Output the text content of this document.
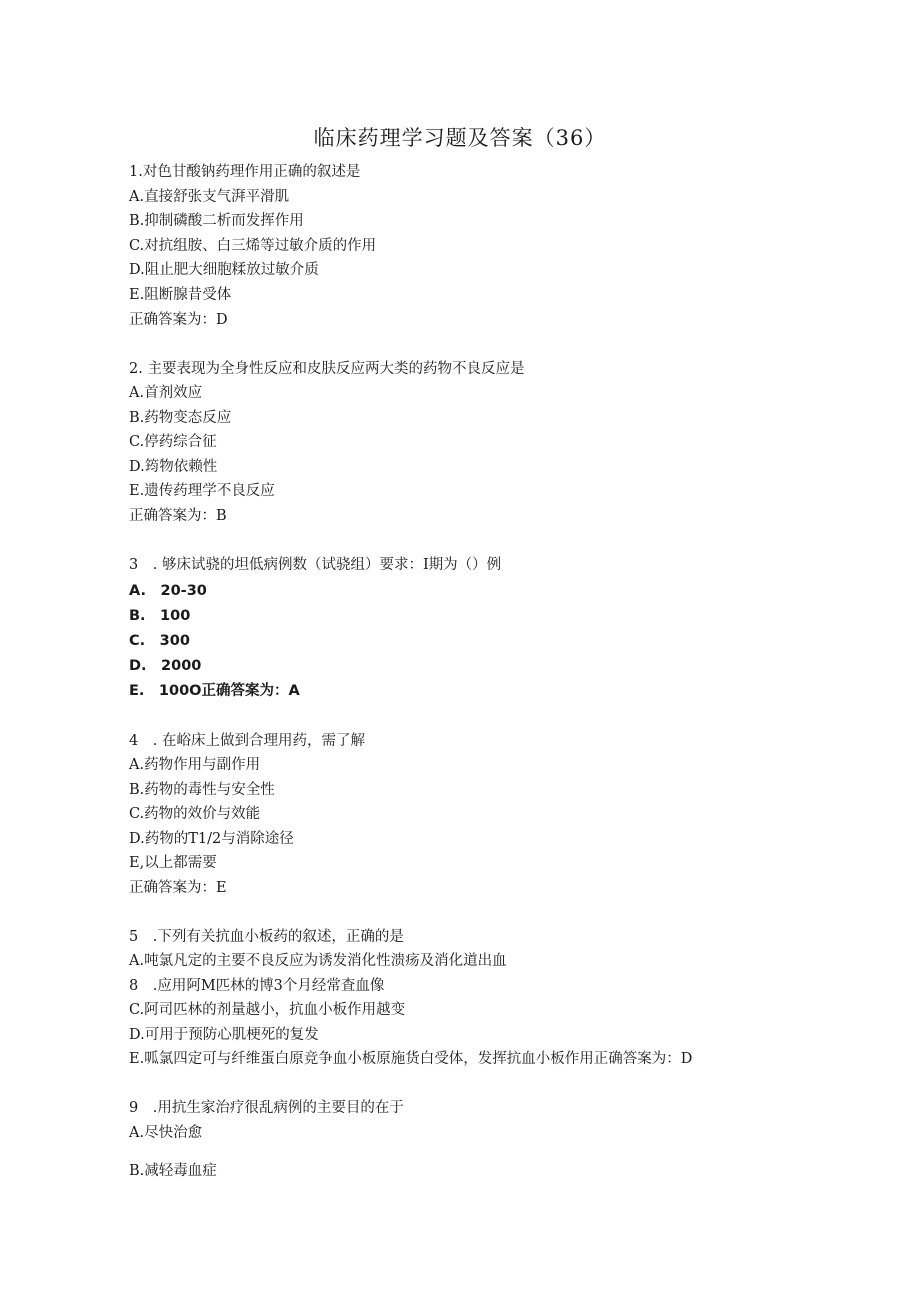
临床药理学习题及答案（36）
1.对色甘酸钠药理作用正确的叙述是
A.直接舒张支气湃平滑肌
B.抑制磷酸二析而发挥作用
C.对抗组胺、白三烯等过敏介质的作用
D.阻止肥大细胞糅放过敏介质
E.阻断腺昔受体
正确答案为：D
2. 主要表现为全身性反应和皮肤反应两大类的药物不良反应是
A.首剂效应
B.药物变态反应
C.停药综合征
D.筠物依赖性
E.遗传药理学不良反应
正确答案为：B
3　. 够床试骁的坦低病例数（试骁组）要求：I期为（）例
A.　20-30
B.　100
C.　300
D.　2000
E.　100O正确答案为：A
4　. 在峪床上做到合理用药，需了解
A.药物作用与副作用
B.药物的毒性与安全性
C.药物的效价与效能
D.药物的T1/2与消除途径
E,以上都需要
正确答案为：E
5　.下列有关抗血小板药的叙述，正确的是
A.吨氯凡定的主要不良反应为诱发消化性溃疡及消化道出血
8　.应用阿M匹林的博3个月经常査血像
C.阿司匹林的剂量越小，抗血小板作用越变
D.可用于预防心肌梗死的复发
E.呱氯四定可与纤维蛋白原竞争血小板原施货白受体，发挥抗血小板作用正确答案为：D
9　.用抗生家治疗很乱病例的主要目的在于
A.尽快治愈
B.减轻毒血症
